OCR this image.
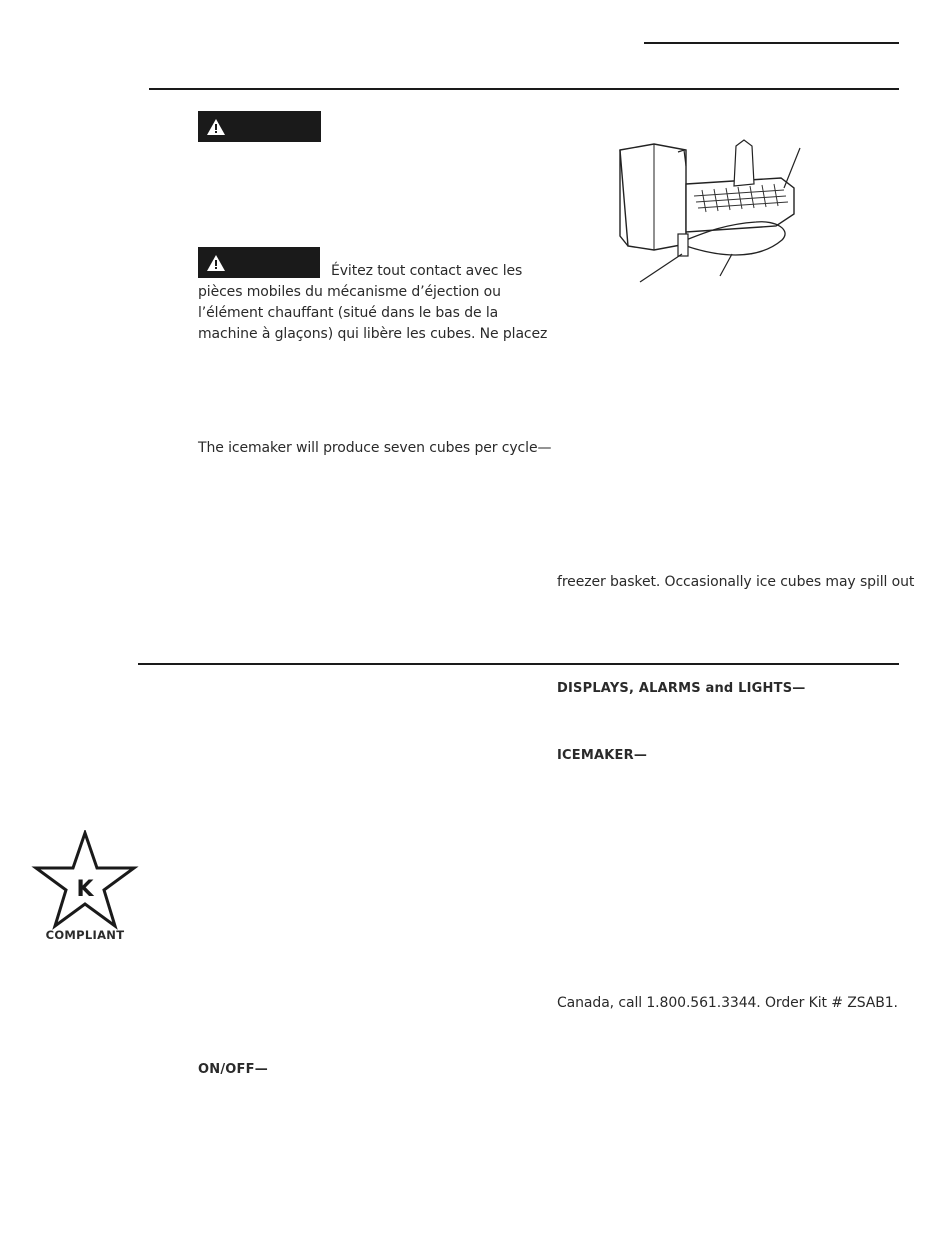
Évitez tout contact avec les
pièces mobiles du mécanisme d’éjection ou
l’élément chauffant (situé dans le bas de la
machine à glaçons) qui libère les cubes. Ne placez
The icemaker will produce seven cubes per cycle—
freezer basket. Occasionally ice cubes may spill out
DISPLAYS, ALARMS and LIGHTS—
ICEMAKER—
K
COMPLIANT
Canada, call 1.800.561.3344. Order Kit # ZSAB1.
ON/OFF—
